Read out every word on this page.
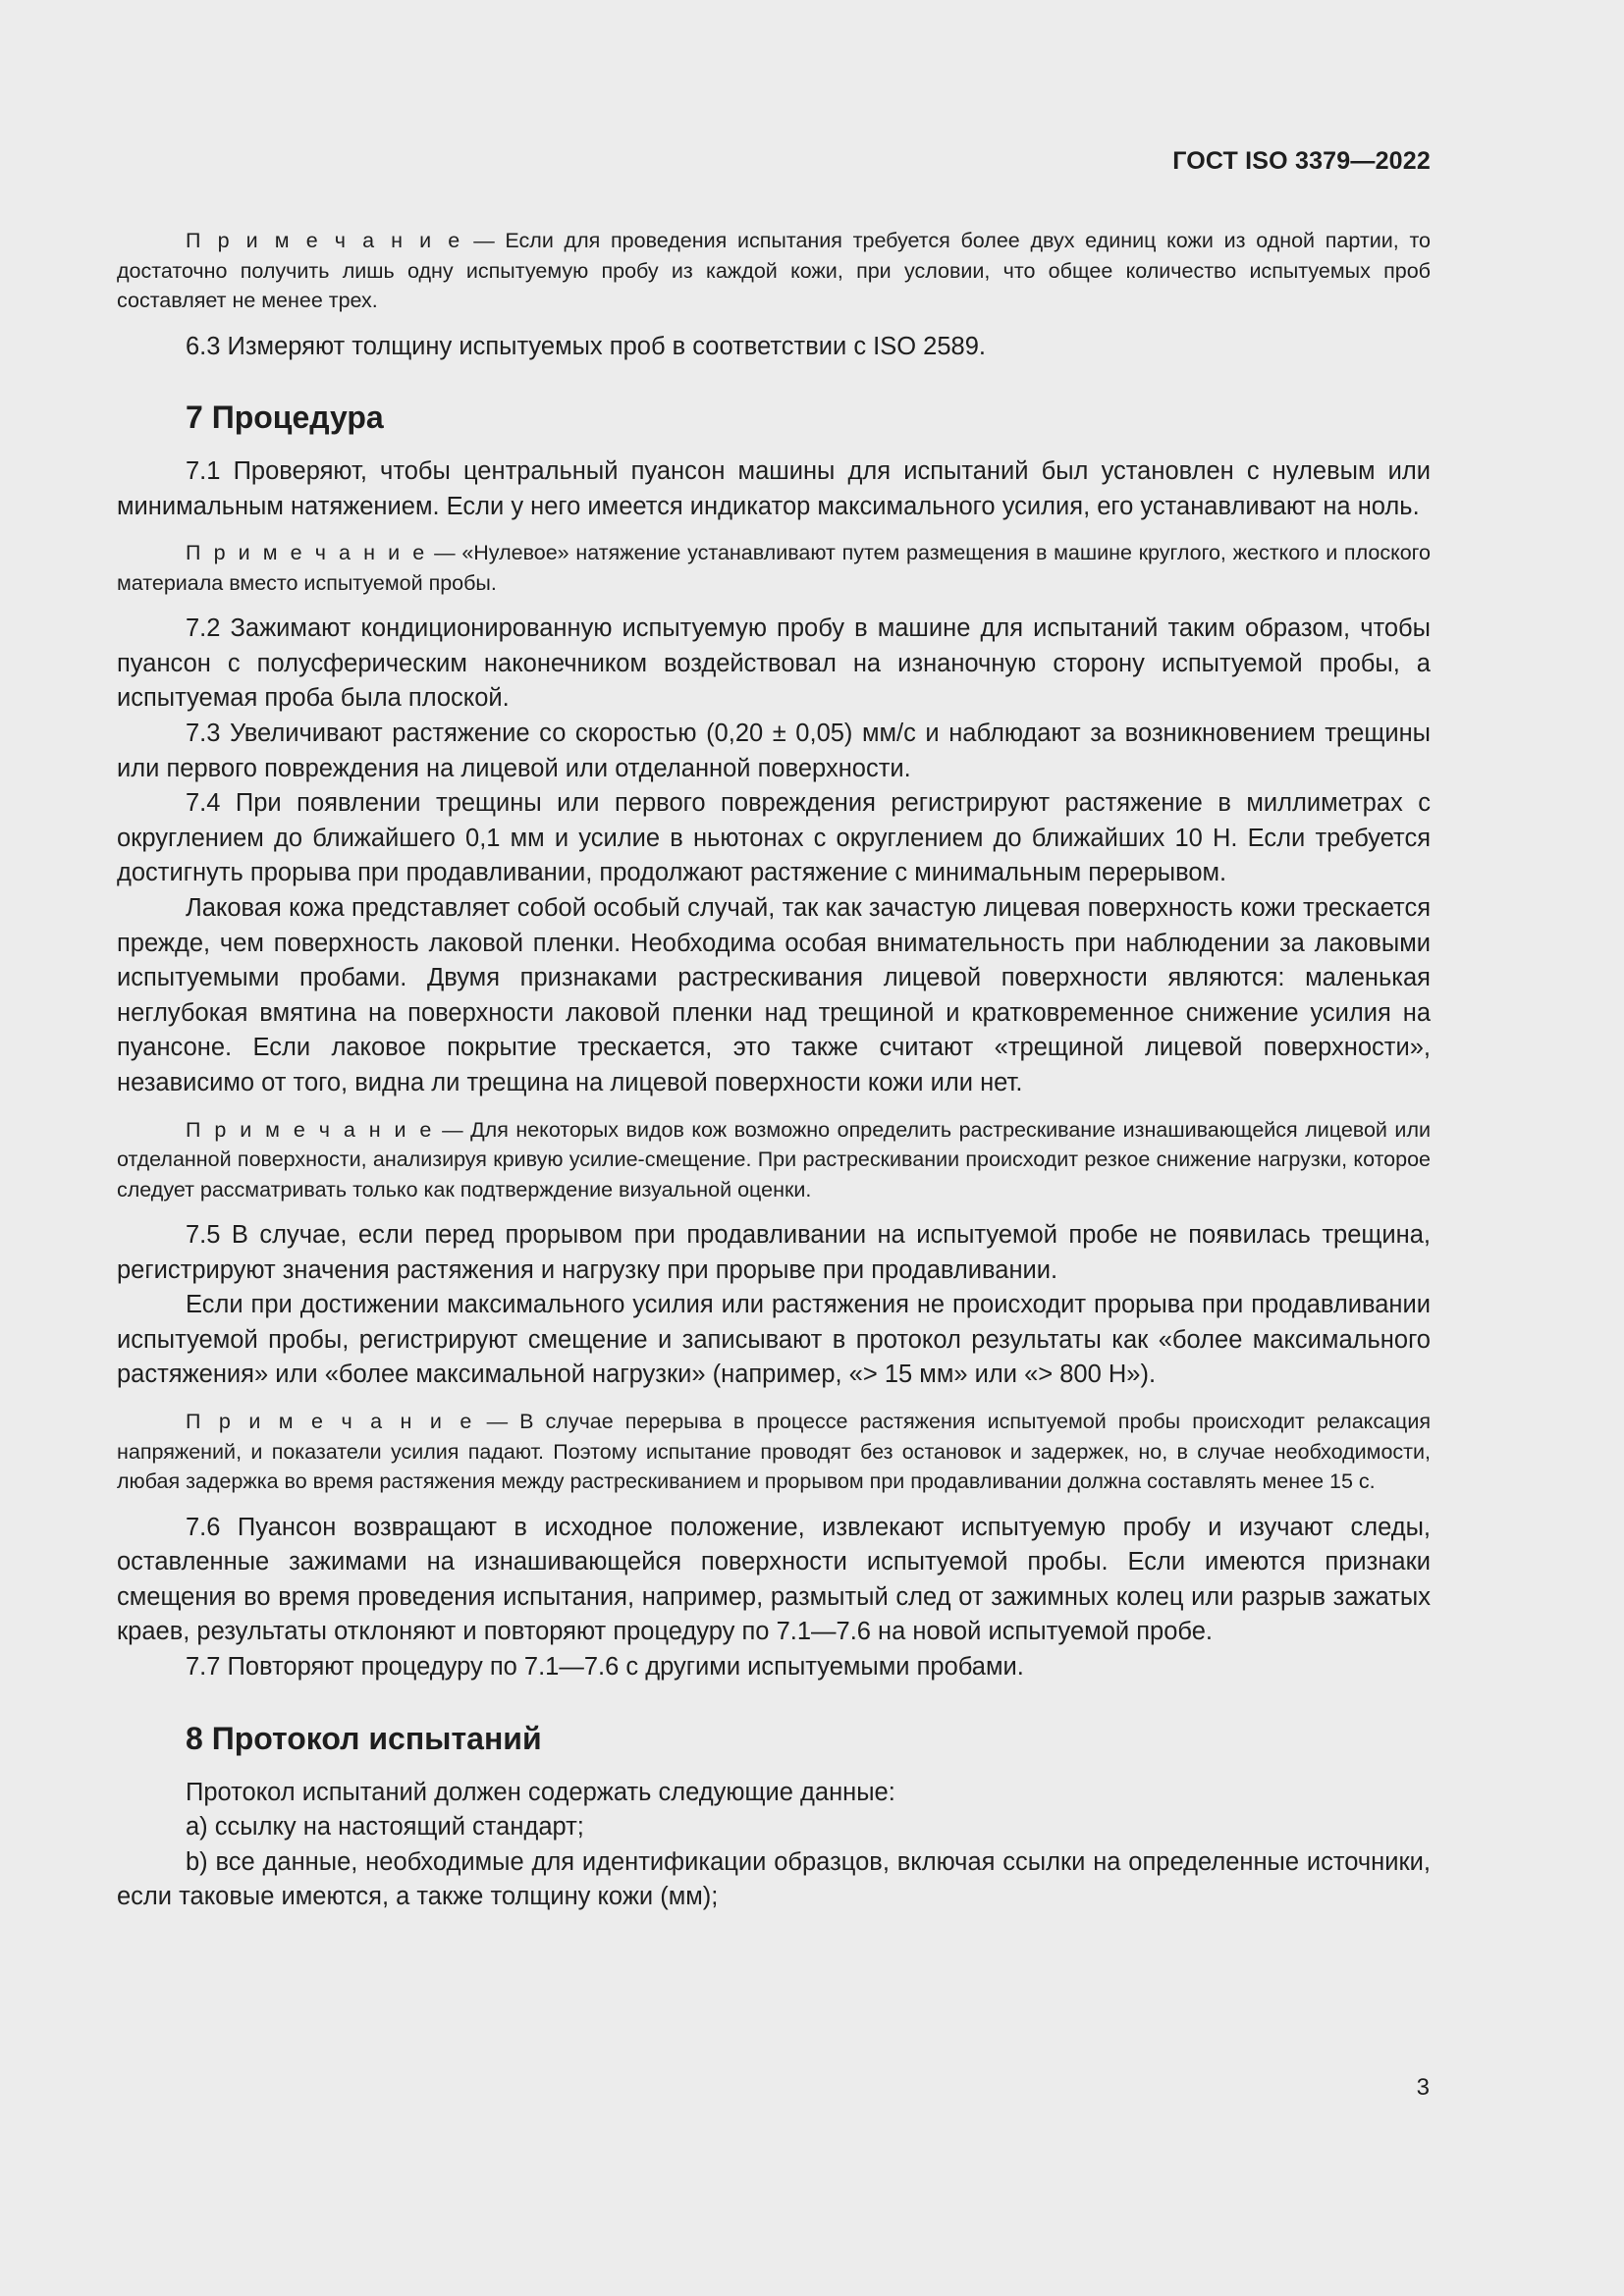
ГОСТ ISO 3379—2022

П р и м е ч а н и е — Если для проведения испытания требуется более двух единиц кожи из одной партии, то достаточно получить лишь одну испытуемую пробу из каждой кожи, при условии, что общее количество испытуемых проб составляет не менее трех.

6.3 Измеряют толщину испытуемых проб в соответствии с ISO 2589.

7 Процедура

7.1 Проверяют, чтобы центральный пуансон машины для испытаний был установлен с нулевым или минимальным натяжением. Если у него имеется индикатор максимального усилия, его устанавливают на ноль.

П р и м е ч а н и е — «Нулевое» натяжение устанавливают путем размещения в машине круглого, жесткого и плоского материала вместо испытуемой пробы.

7.2 Зажимают кондиционированную испытуемую пробу в машине для испытаний таким образом, чтобы пуансон с полусферическим наконечником воздействовал на изнаночную сторону испытуемой пробы, а испытуемая проба была плоской.

7.3 Увеличивают растяжение со скоростью (0,20 ± 0,05) мм/с и наблюдают за возникновением трещины или первого повреждения на лицевой или отделанной поверхности.

7.4 При появлении трещины или первого повреждения регистрируют растяжение в миллиметрах с округлением до ближайшего 0,1 мм и усилие в ньютонах с округлением до ближайших 10 Н. Если требуется достигнуть прорыва при продавливании, продолжают растяжение с минимальным перерывом.

Лаковая кожа представляет собой особый случай, так как зачастую лицевая поверхность кожи трескается прежде, чем поверхность лаковой пленки. Необходима особая внимательность при наблюдении за лаковыми испытуемыми пробами. Двумя признаками растрескивания лицевой поверхности являются: маленькая неглубокая вмятина на поверхности лаковой пленки над трещиной и кратковременное снижение усилия на пуансоне. Если лаковое покрытие трескается, это также считают «трещиной лицевой поверхности», независимо от того, видна ли трещина на лицевой поверхности кожи или нет.

П р и м е ч а н и е — Для некоторых видов кож возможно определить растрескивание изнашивающейся лицевой или отделанной поверхности, анализируя кривую усилие-смещение. При растрескивании происходит резкое снижение нагрузки, которое следует рассматривать только как подтверждение визуальной оценки.

7.5 В случае, если перед прорывом при продавливании на испытуемой пробе не появилась трещина, регистрируют значения растяжения и нагрузку при прорыве при продавливании.

Если при достижении максимального усилия или растяжения не происходит прорыва при продавливании испытуемой пробы, регистрируют смещение и записывают в протокол результаты как «более максимального растяжения» или «более максимальной нагрузки» (например, «> 15 мм» или «> 800 Н»).

П р и м е ч а н и е — В случае перерыва в процессе растяжения испытуемой пробы происходит релаксация напряжений, и показатели усилия падают. Поэтому испытание проводят без остановок и задержек, но, в случае необходимости, любая задержка во время растяжения между растрескиванием и прорывом при продавливании должна составлять менее 15 с.

7.6 Пуансон возвращают в исходное положение, извлекают испытуемую пробу и изучают следы, оставленные зажимами на изнашивающейся поверхности испытуемой пробы. Если имеются признаки смещения во время проведения испытания, например, размытый след от зажимных колец или разрыв зажатых краев, результаты отклоняют и повторяют процедуру по 7.1—7.6 на новой испытуемой пробе.

7.7 Повторяют процедуру по 7.1—7.6 с другими испытуемыми пробами.

8 Протокол испытаний

Протокол испытаний должен содержать следующие данные:

a) ссылку на настоящий стандарт;

b) все данные, необходимые для идентификации образцов, включая ссылки на определенные источники, если таковые имеются, а также толщину кожи (мм);

3
